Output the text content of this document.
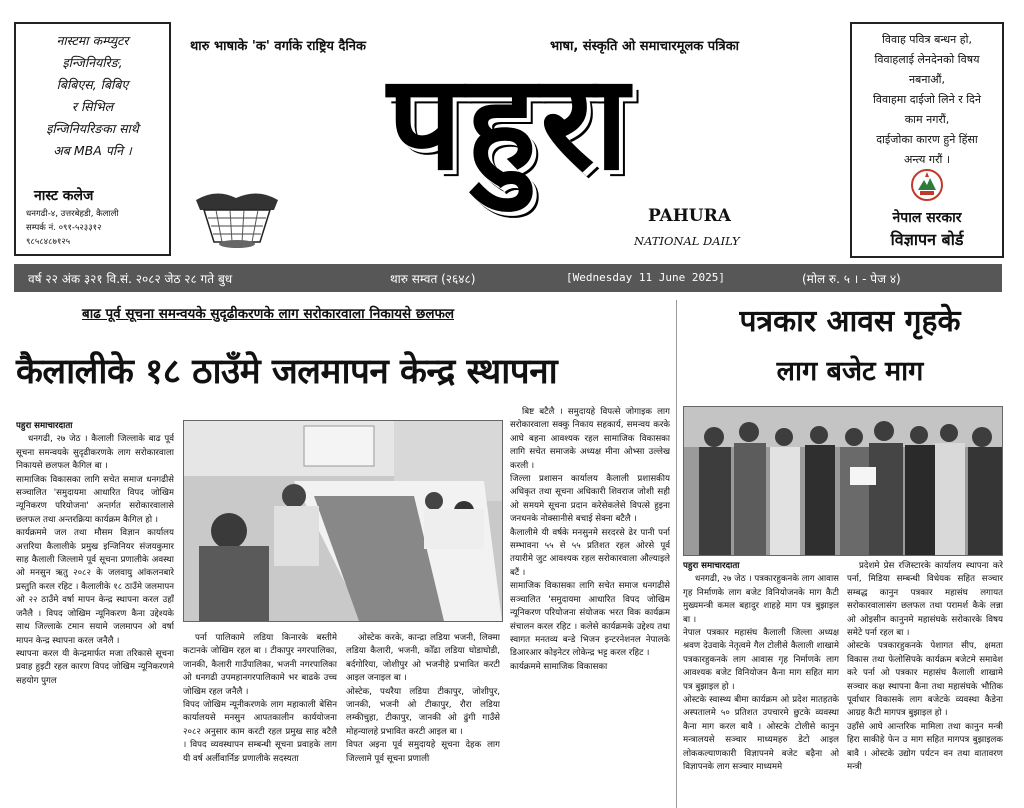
नास्टमा कम्प्युटर
इन्जिनियरिङ,
बिबिएस, बिबिए
र सिभिल
इन्जिनियरिङका साथै
अब MBA पनि ।
नास्ट कलेज
धनगढी-४, उत्तरबेहडी, कैलाली
सम्पर्क नं. ०९१-५२३३१२
९८५८४८७१२५
थारु भाषाके 'क' वर्गाके राष्ट्रिय दैनिक	भाषा, संस्कृति ओ समाचारमूलक पत्रिका
पहुरा
PAHURA
NATIONAL DAILY
विवाह पवित्र बन्धन हो,
विवाहलाई लेनदेनको विषय
नबनाऔं,
विवाहमा दाईजो लिने र दिने
काम नगरौं,
दाईजोका कारण हुने हिंसा
अन्त्य गरौं ।
नेपाल सरकार
विज्ञापन बोर्ड
वर्ष २२ अंक ३२१ वि.सं. २०८२ जेठ २८ गते बुध	थारु सम्वत (२६४८)	[Wednesday 11 June 2025]	(मोल रु. ५ । - पेज ४)
बाढ पूर्व सूचना समन्वयके सुदृढीकरणके लाग सरोकारवाला निकायसे छलफल
कैलालीके १८ ठाउँमे जलमापन केन्द्र स्थापना

पहुरा समाचारदाता

धनगढी, २७ जेठ । कैलाली जिल्लाके बाढ पूर्व सूचना समन्वयके सुदृढीकरणके लाग सरोकारवाला निकायसे छलफल कैगिल बा ।
सामाजिक विकासका लागि सचेत समाज धनगढीसे सञ्चालित 'समुदायमा आधारित विपद जोखिम न्यूनिकरण परियोजना' अन्तर्गत सरोकारवालासे छलफल तथा अन्तरक्रिया कार्यक्रम कैगिल हो ।
कार्यक्रममे जल तथा मौसम विज्ञान कार्यालय अत्तरिया कैलालीके प्रमुख इन्जिनियर संजयकुमार साह कैलाली जिल्लामे पूर्व सूचना प्रणालीके अवस्था ओ मनसुन ऋतु २०८२ के जलवायु आंकलनबारे प्रस्तुति करल रहिट । कैलालीके १८ ठाउँमे जलमापन ओ २२ ठाउँमे वर्षा मापन केन्द्र स्थापना करल उहाँ जनैलै । विपद जोखिम न्यूनिकरण कैना उद्देश्यके साथ जिल्लाके टमान सयामे जलमापन ओ वर्षा मापन केन्द्र स्थापना करल जनैलै ।
स्थापना करल यी केन्द्रमार्फत मजा तरिकासे सूचना प्रवाह हुइटी रहल कारण विपद जोखिम न्यूनिकरणमे सहयोग पुगल

पर्ना पालिकामे लडिया किनारके बस्तीमे कटानके जोखिम रहल बा । टीकापुर नगरपालिका, जानकी, कैलारी गाउँपालिका, भजनी नगरपालिका ओ धनगढी उपमहानगरपालिकामे भर बाढके उच्च जोखिम रहल जनैलै ।
विपद जोखिम न्यूनीकरणके लाग महाकाली बेसिन कार्यालयसे मनसुन आपतकालीन कार्ययोजना २०८२ अनुसार काम करटी रहल प्रमुख साह बटैलै । विपद व्यवस्थापन सम्बन्धी सूचना प्रवाहके लाग यी वर्ष अर्लीवार्निङ प्रणालीके सदस्यता

ओस्टेक करके, कान्द्रा लडिया भजनी, लिक्मा लडिया कैलारी, भजनी, कोँढा लडिया घोडाघोडी, बर्दगोरिया, जोशीपुर ओ भजनीहे प्रभावित करटी आइल जनाइल बा ।
ओस्टेक, पथरैया लडिया टीकापुर, जोशीपुर, जानकी, भजनी ओ टीकापुर, रौरा लडिया लम्कीचुहा, टीकापुर, जानकी ओ ढुंगी गाउँसे मोहन्यालहे प्रभावित करटी आइल बा ।
विपत अइना पूर्व समुदायहे सूचना देहक लाग जिल्लामे पूर्व सूचना प्रणाली

बिष्ट बटैलै । समुदायहे विपत्से जोगाइक लाग सरोकारवाला सक्कु निकाय सहकार्य, समन्वय करके आघे बहना आवश्यक रहल सामाजिक विकासका लागि सचेत समाजके अध्यक्ष मीना ओभ्सा उल्लेख करली ।
जिल्ला प्रशासन कार्यालय कैलाली प्रशासकीय अधिकृत तथा सूचना अधिकारी शिवराज जोशी सही ओ समयमे सूचना प्रदान करेसेकलेसे विपत्से हुइना जनधनके नोक्सानीसे बचाई सेक्ना बटैलै ।
कैलालीमे यी वर्षके मनसुनमे सरदरसे ढेर पानी पर्ना सम्भावना ५५ से ५५ प्रतिशत रहल ओरसे पूर्व तयारीमे जुट आवश्यक रहल सरोकारवाला औल्याइले बटैं ।
सामाजिक विकासका लागि सचेत समाज धनगढीसे सञ्चालित 'समुदायमा आधारित विपद जोखिम न्यूनिकरण परियोजना संयोजक भरत विक कार्यक्रम संचालन करल रहिट । कलेसे कार्यक्रमके उद्देश्य तथा स्वागत मनतव्य बन्डे भिजन इन्टरनेशनल नेपालके डिआरआर कोइनेटर लोकेन्द्र भट्ट करल रहिट ।
कार्यक्रममे सामाजिक विकासका

पत्रकार आवस गृहके
लाग बजेट माग

पहुरा समाचारदाता

धनगढी, २७ जेठ । पत्रकारहुकनके लाग आवास गृह निर्माणके लाग बजेट विनियोजनके माग कैटी मुख्यमन्त्री कमल बहादुर शाहहे माग पत्र बुझाइल बा ।
नेपाल पत्रकार महासंघ कैलाली जिल्ला अध्यक्ष श्रवण देउवाके नेतृत्वमे गैल टोलीसे कैलाली शाखामे पत्रकारहुकनके लाग आवास गृह निर्माणके लाग आवश्यक बजेट विनियोजन कैना माग सहित माग पत्र बुझाइल हो ।
ओस्टके स्वास्थ्य बीमा कार्यक्रम ओ प्रदेश मातहतके अस्पतालमे ५० प्रतिशत उपचारमे छुटके व्यवस्था कैना माग करल बावै । ओस्टके टोलीसे कानुन मन्त्रालयसे सञ्चार माध्यमहरु डेटो आइल लोककल्याणकारी विज्ञापनमे बजेट बढ़ैना ओ विज्ञापनके लाग सञ्चार माध्यममे

प्रदेशमे प्रेस रजिस्टारके कार्यालय स्थापना करे पर्ना, मिडिया सम्बन्धी विधेयक सहित सञ्चार सम्बद्ध कानुन पत्रकार महासंघ लगायत सरोकारवालासंग छलफल तथा परामर्श कैके लन्ना ओ ओइसीन कानुनमे महासंघके सरोकारके विषय समेटे पर्ना रहल बा ।
ओस्टके पत्रकारहुकनके पेशागत सीप, क्षमता विकास तथा फेलोसिपके कार्यक्रम बजेटमे समावेश करे पर्ना ओ पत्रकार महासंघ कैलाली शाखामे सञ्चार कक्ष स्थापना कैना तथा महासंघके भौतिक पूर्वाधार विकासके लाग बजेटके व्यवस्था कैडेना आग्रह कैटी मागपत्र बुझाइल हो ।
उहाँसे आघे आन्तरिक मामिला तथा कानुन मन्त्री हिरा साकीहे फेन उ माग सहित मागपत्र बुझाइलक बावै । ओस्टके उद्योग पर्यटन वन तथा वातावरण मन्त्री
